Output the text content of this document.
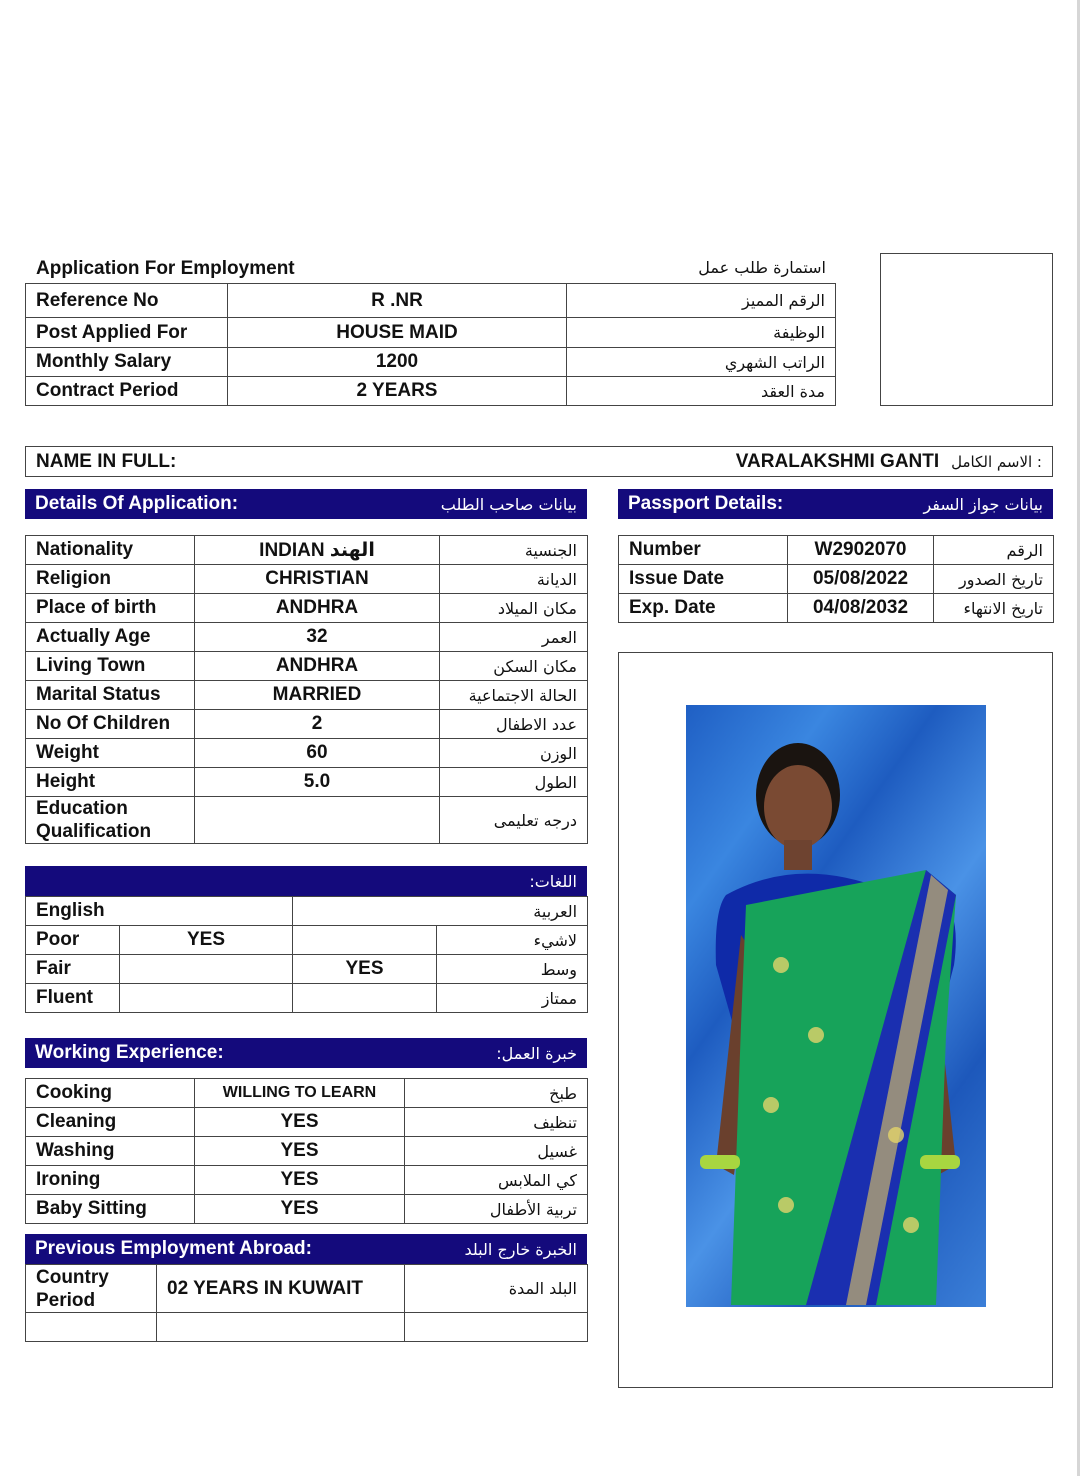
Application For Employment	استمارة طلب عمل
Reference No	R .NR	الرقم المميز
Post Applied For	HOUSE MAID	الوظيفة
Monthly Salary	1200	الراتب الشهري
Contract Period	2 YEARS	مدة العقد
NAME IN FULL:	VARALAKSHMI GANTI : الاسم الكامل
Details Of Application:	بيانات صاحب الطلب	Passport Details:	بيانات جواز السفر
Nationality	INDIAN الهند	الجنسية
Religion	CHRISTIAN	الديانة
Place of birth	ANDHRA	مكان الميلاد
Actually Age	32	العمر
Living Town	ANDHRA	مكان السكن
Marital Status	MARRIED	الحالة الاجتماعية
No Of Children	2	عدد الاطفال
Weight	60	الوزن
Height	5.0	الطول

Education
Qualification		درجه تعليمى
Number	W2902070	الرقم
Issue Date	05/08/2022	تاريخ الصدور
Exp. Date	04/08/2032	تاريخ الانتهاء
اللغات:
English		العربية	
Poor	YES		لاشيء
Fair		YES	وسط
Fluent			ممتاز
Working Experience:	خبرة العمل:
Cooking	WILLING TO LEARN	طبخ
Cleaning	YES	تنظيف
Washing	YES	غسيل
Ironing	YES	كي الملابس
Baby Sitting	YES	تربية الأطفال
Previous Employment Abroad:	الخبرة خارج البلد
Country
Period	02 YEARS IN KUWAIT	البلد المدة
